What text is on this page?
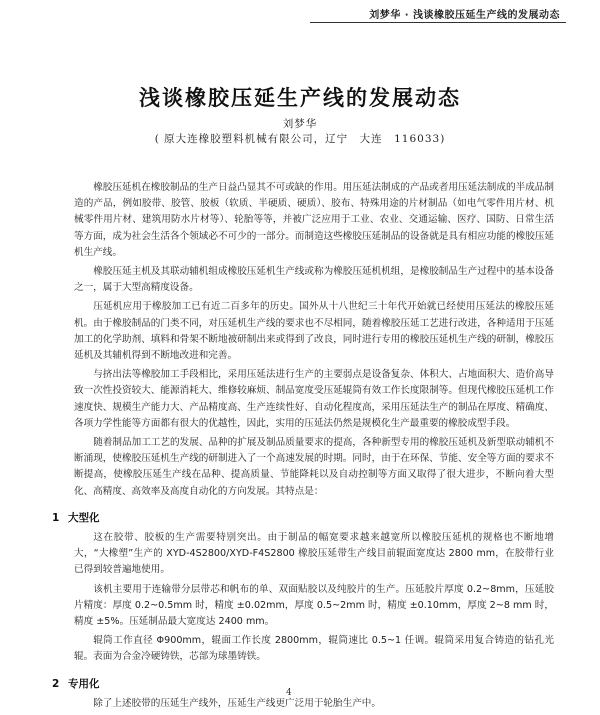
刘梦华 · 浅谈橡胶压延生产线的发展动态
浅谈橡胶压延生产线的发展动态
刘梦华
( 原大连橡胶塑料机械有限公司，辽宁　大连　116033)

橡胶压延机在橡胶制品的生产日益凸显其不可或缺的作用。用压延法制成的产品或者用压延法制成的半成品制造的产品，例如胶带、胶管、胶板（软质、半硬质、硬质）、胶布、特殊用途的片材制品（如电气零件用片材、机械零件用片材、建筑用防水片材等）、轮胎等等，并被广泛应用于工业、农业、交通运输、医疗、国防、日常生活等方面，成为社会生活各个领域必不可少的一部分。而制造这些橡胶压延制品的设备就是具有相应功能的橡胶压延机生产线。

橡胶压延主机及其联动辅机组成橡胶压延机生产线或称为橡胶压延机机组，是橡胶制品生产过程中的基本设备之一，属于大型高精度设备。

压延机应用于橡胶加工已有近二百多年的历史。国外从十八世纪三十年代开始就已经使用压延法的橡胶压延机。由于橡胶制品的门类不同，对压延机生产线的要求也不尽相同，随着橡胶压延工艺进行改进，各种适用于压延加工的化学助剂、填料和骨架不断地被研制出来或得到了改良，同时进行专用的橡胶压延机生产线的研制，橡胶压延机及其辅机得到不断地改进和完善。

与挤出法等橡胶加工手段相比，采用压延法进行生产的主要弱点是设备复杂、体积大、占地面积大、造价高导致一次性投资较大、能源消耗大、维修较麻烦、制品宽度受压延辊筒有效工作长度限制等。但现代橡胶压延机工作速度快、规模生产能力大、产品精度高、生产连续性好、自动化程度高，采用压延法生产的制品在厚度、精确度、各项力学性能等方面都有很大的优越性，因此，实用的压延法仍然是规模化生产最重要的橡胶成型手段。

随着制品加工工艺的发展、品种的扩展及制品质量要求的提高，各种新型专用的橡胶压延机及新型联动辅机不断涌现，使橡胶压延机生产线的研制进入了一个高速发展的时期。同时，由于在环保、节能、安全等方面的要求不断提高，使橡胶压延生产线在品种、提高质量、节能降耗以及自动控制等方面又取得了很大进步，不断向着大型化、高精度、高效率及高度自动化的方向发展。其特点是：

1 大型化

这在胶带、胶板的生产需要特别突出。由于制品的幅宽要求越来越宽所以橡胶压延机的规格也不断地增大，“大橡塑”生产的 XYD-4S2800/XYD-F4S2800 橡胶压延带生产线目前辊面宽度达 2800 mm，在胶带行业已得到较普遍地使用。

该机主要用于连输带分层带芯和帆布的单、双面贴胶以及纯胶片的生产。压延胶片厚度 0.2~8mm，压延胶片精度：厚度 0.2~0.5mm 时，精度 ±0.02mm，厚度 0.5~2mm 时，精度 ±0.10mm，厚度 2~8 mm 时，精度 ±5%。压延制品最大宽度达 2400 mm。

辊筒工作直径 Φ900mm，辊面工作长度 2800mm，辊筒速比 0.5~1 任调。辊筒采用复合铸造的钻孔光辊。表面为合金冷硬铸铁，芯部为球墨铸铁。

2 专用化

除了上述胶带的压延生产线外，压延生产线更广泛用于轮胎生产中。

4
